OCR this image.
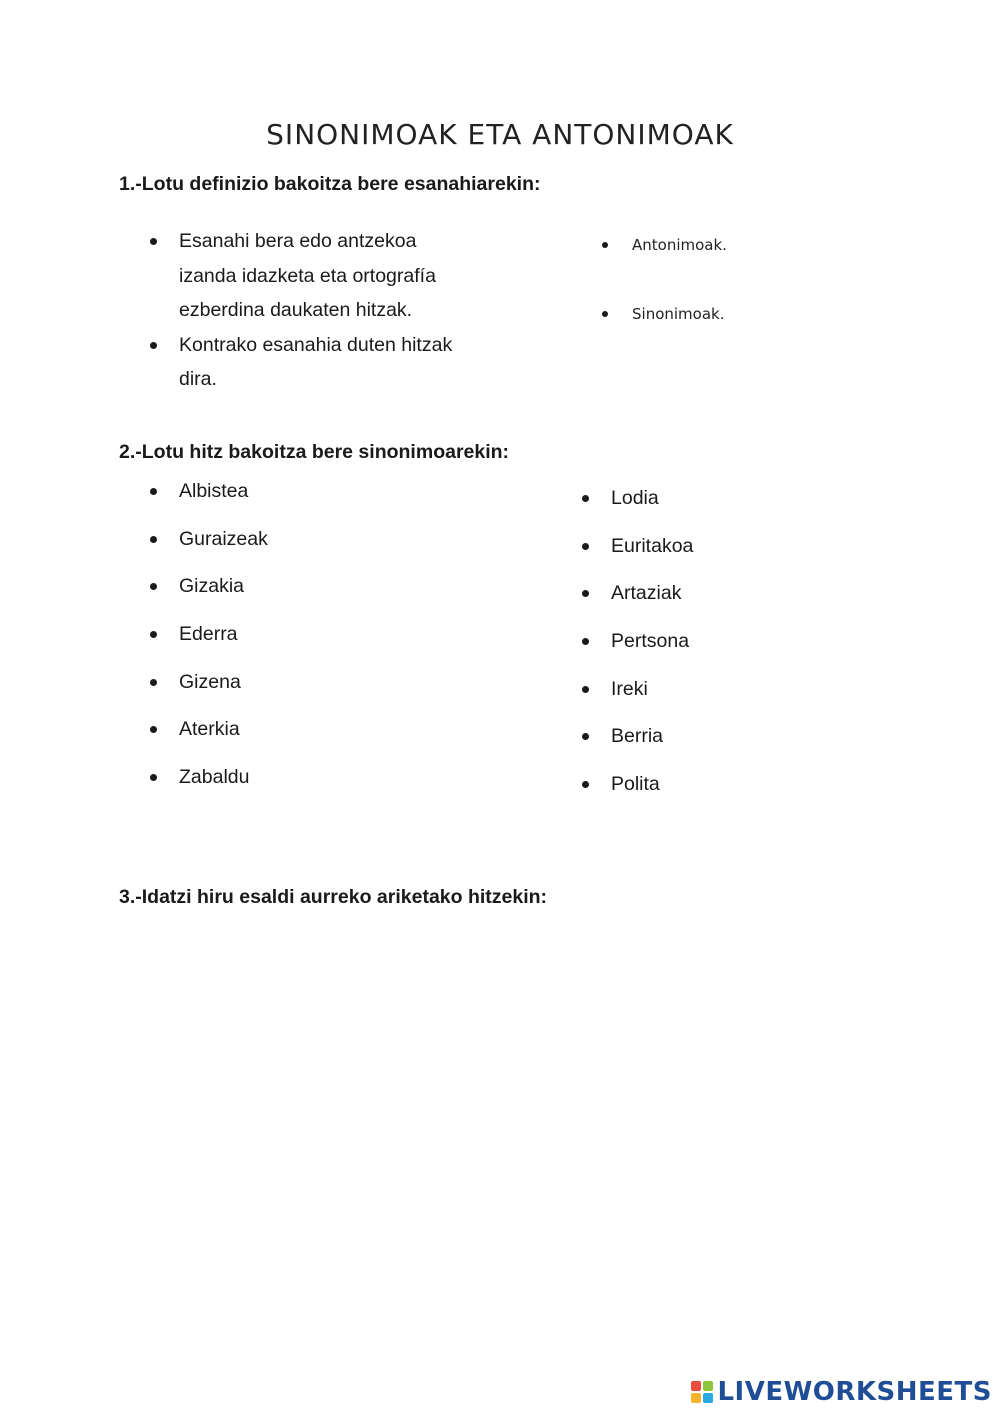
SINONIMOAK ETA ANTONIMOAK
1.-Lotu definizio bakoitza bere esanahiarekin:
Esanahi bera edo antzekoa izanda idazketa eta ortografía ezberdina daukaten hitzak.
Kontrako esanahia duten hitzak dira.
Antonimoak.
Sinonimoak.
2.-Lotu hitz bakoitza bere sinonimoarekin:
Albistea
Guraizeak
Gizakia
Ederra
Gizena
Aterkia
Zabaldu
Lodia
Euritakoa
Artaziak
Pertsona
Ireki
Berria
Polita
3.-Idatzi hiru esaldi aurreko ariketako hitzekin:
LIVEWORKSHEETS
